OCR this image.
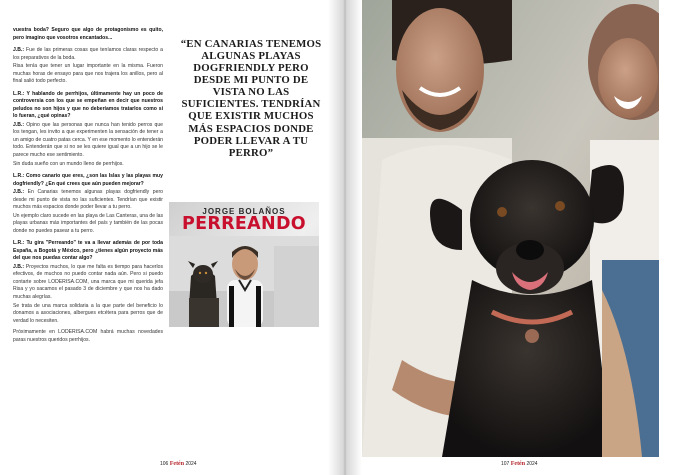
vuestra boda? Seguro que algo de protagonismo es quito, pero imagino que vosotros encantados...

J.B.: Fue de las primeras cosas que teníamos claras respecto a los preparativos de la boda.

Risa tenía que tener un lugar importante en la misma. Fueron muchas horas de ensayo para que nos trajera los anillos, pero al final salió todo perfecto.

L.R.: Y hablando de perrhijos, últimamente hay un poco de controversia con los que se empeñan en decir que nuestros peludos no son hijos y que no deberíamos tratarlos como si lo fueran, ¿qué opinas?

J.B.: Opino que las personas que nunca han tenido perros que los tengan, les invito a que experimenten la sensación de tener a un amigo de cuatro patas cerca. Y en ese momento lo entenderán todo. Entenderán que si no se les quiere igual que a un hijo se le parece mucho ese sentimiento.

Sin duda sueño con un mundo lleno de perrhijos.

L.R.: Como canario que eres, ¿son las Islas y las playas muy dogfriendly? ¿En qué crees que aún pueden mejorar?

J.B.: En Canarias tenemos algunas playas dogfriendly pero desde mi punto de vista no las suficientes. Tendrían que existir muchos más espacios donde poder llevar a tu perro.

Un ejemplo claro sucede en las playa de Las Canteras, una de las playas urbanas más importantes del país y también de las pocas donde no puedes pasear a tu perro.

L.R.: Tu gira "Perreando" te va a llevar además de por toda España, a Bogotá y México, pero ¿tienes algún proyecto más del que nos puedas contar algo?

J.B.: Proyectos muchos, lo que me falta es tiempo para hacerlos efectivos, de muchos no puedo contar nada aún. Pero si puedo contarte sobre LODERISA.COM, una marca que mi querida jefa Risa y yo sacamos el pasado 3 de diciembre y que nos ha dado muchas alegrías.

Se trata de una marca solidaria a la que parte del beneficio lo donamos a asociaciones, albergues etcétera para perros que de verdad lo necesiten.

Próximamente en LODERISA.COM habrá muchas novedades paras nuestros queridos perrhijos.

“EN CANARIAS TENEMOS ALGUNAS PLAYAS DOGFRIENDLY PERO DESDE MI PUNTO DE VISTA NO LAS SUFICIENTES. TENDRÍAN QUE EXISTIR MUCHOS MÁS ESPACIOS DONDE PODER LLEVAR A TU PERRO”
JORGE BOLAÑOS
PERREANDO
106 Fetén 2024	107 Fetén 2024
